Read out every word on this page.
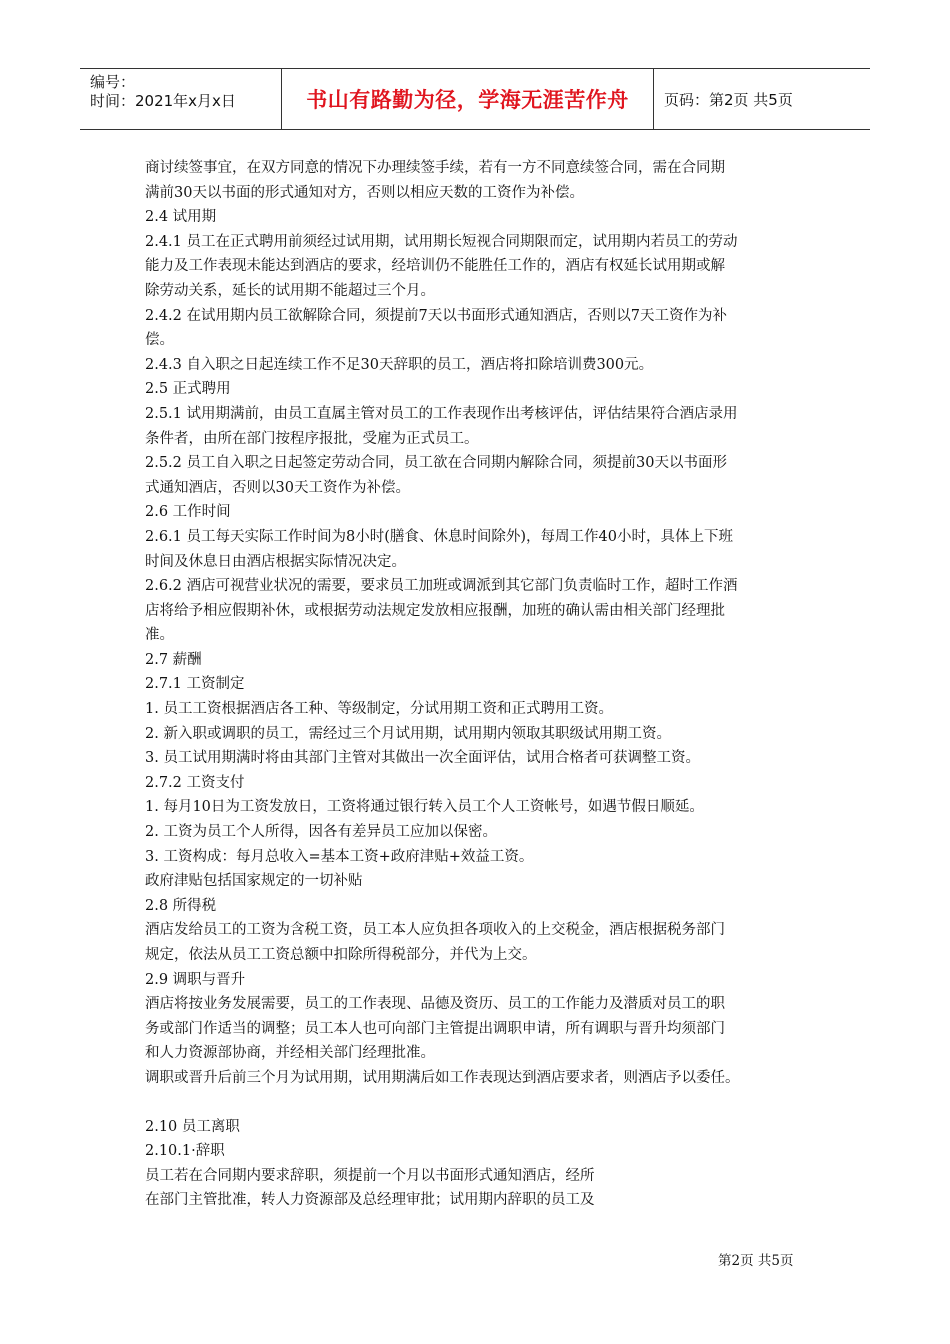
编号：
时间：2021年x月x日	书山有路勤为径，学海无涯苦作舟	页码：第2页 共5页

商讨续签事宜，在双方同意的情况下办理续签手续，若有一方不同意续签合同，需在合同期

满前30天以书面的形式通知对方，否则以相应天数的工资作为补偿。

2.4 试用期

2.4.1 员工在正式聘用前须经过试用期，试用期长短视合同期限而定，试用期内若员工的劳动

能力及工作表现未能达到酒店的要求，经培训仍不能胜任工作的，酒店有权延长试用期或解

除劳动关系，延长的试用期不能超过三个月。

2.4.2 在试用期内员工欲解除合同，须提前7天以书面形式通知酒店，否则以7天工资作为补

偿。

2.4.3 自入职之日起连续工作不足30天辞职的员工，酒店将扣除培训费300元。

2.5 正式聘用

2.5.1 试用期满前，由员工直属主管对员工的工作表现作出考核评估，评估结果符合酒店录用

条件者，由所在部门按程序报批，受雇为正式员工。

2.5.2 员工自入职之日起签定劳动合同，员工欲在合同期内解除合同，须提前30天以书面形

式通知酒店，否则以30天工资作为补偿。

2.6 工作时间

2.6.1 员工每天实际工作时间为8小时(膳食、休息时间除外)，每周工作40小时，具体上下班

时间及休息日由酒店根据实际情况决定。

2.6.2 酒店可视营业状况的需要，要求员工加班或调派到其它部门负责临时工作，超时工作酒

店将给予相应假期补休，或根据劳动法规定发放相应报酬，加班的确认需由相关部门经理批

准。

2.7 薪酬

2.7.1 工资制定

1. 员工工资根据酒店各工种、等级制定，分试用期工资和正式聘用工资。

2. 新入职或调职的员工，需经过三个月试用期，试用期内领取其职级试用期工资。

3. 员工试用期满时将由其部门主管对其做出一次全面评估，试用合格者可获调整工资。

2.7.2 工资支付

1. 每月10日为工资发放日，工资将通过银行转入员工个人工资帐号，如遇节假日顺延。

2. 工资为员工个人所得，因各有差异员工应加以保密。

3. 工资构成：每月总收入=基本工资+政府津贴+效益工资。

政府津贴包括国家规定的一切补贴

2.8 所得税

酒店发给员工的工资为含税工资，员工本人应负担各项收入的上交税金，酒店根据税务部门

规定，依法从员工工资总额中扣除所得税部分，并代为上交。

2.9 调职与晋升

酒店将按业务发展需要，员工的工作表现、品德及资历、员工的工作能力及潜质对员工的职

务或部门作适当的调整；员工本人也可向部门主管提出调职申请，所有调职与晋升均须部门

和人力资源部协商，并经相关部门经理批准。

调职或晋升后前三个月为试用期，试用期满后如工作表现达到酒店要求者，则酒店予以委任。

2.10 员工离职

2.10.1·辞职

员工若在合同期内要求辞职，须提前一个月以书面形式通知酒店，经所

在部门主管批准，转人力资源部及总经理审批；试用期内辞职的员工及

第2页 共5页
